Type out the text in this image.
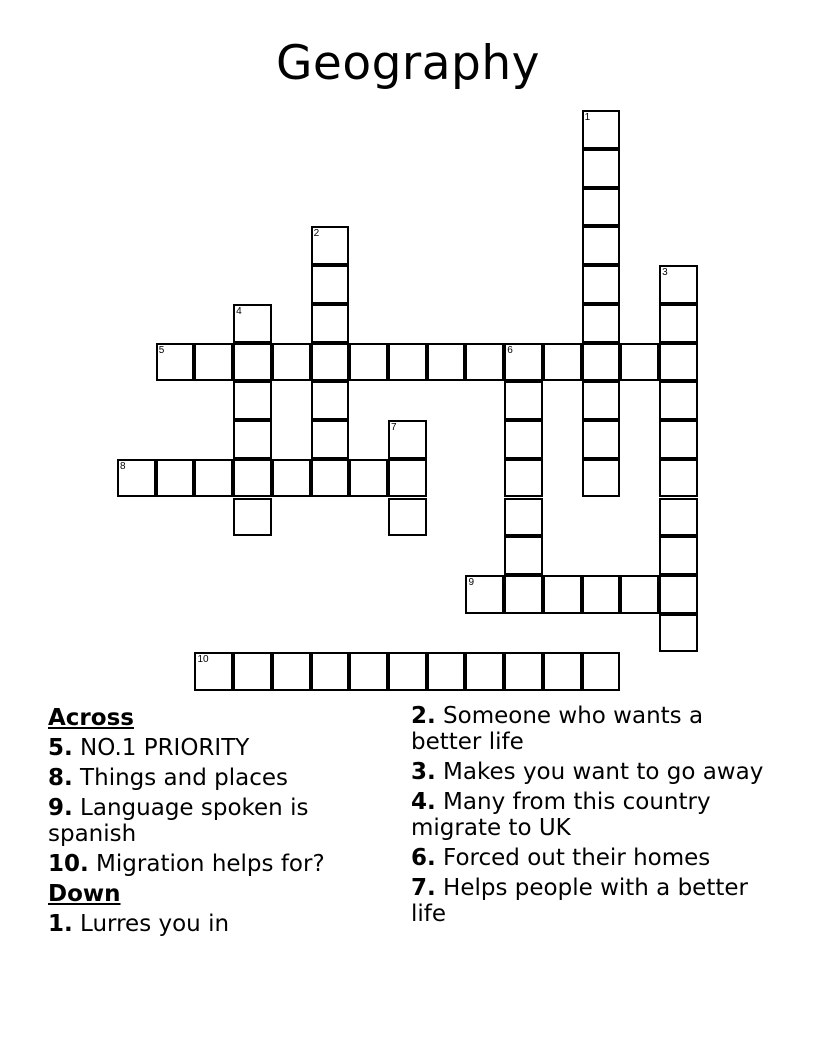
Geography
1
2
3
4
5	6
7
8
9
10
Across
5. NO.1 PRIORITY
8. Things and places
9. Language spoken is spanish
10. Migration helps for?
Down
1. Lurres you in
2. Someone who wants a better life
3. Makes you want to go away
4. Many from this country migrate to UK
6. Forced out their homes
7. Helps people with a better life
